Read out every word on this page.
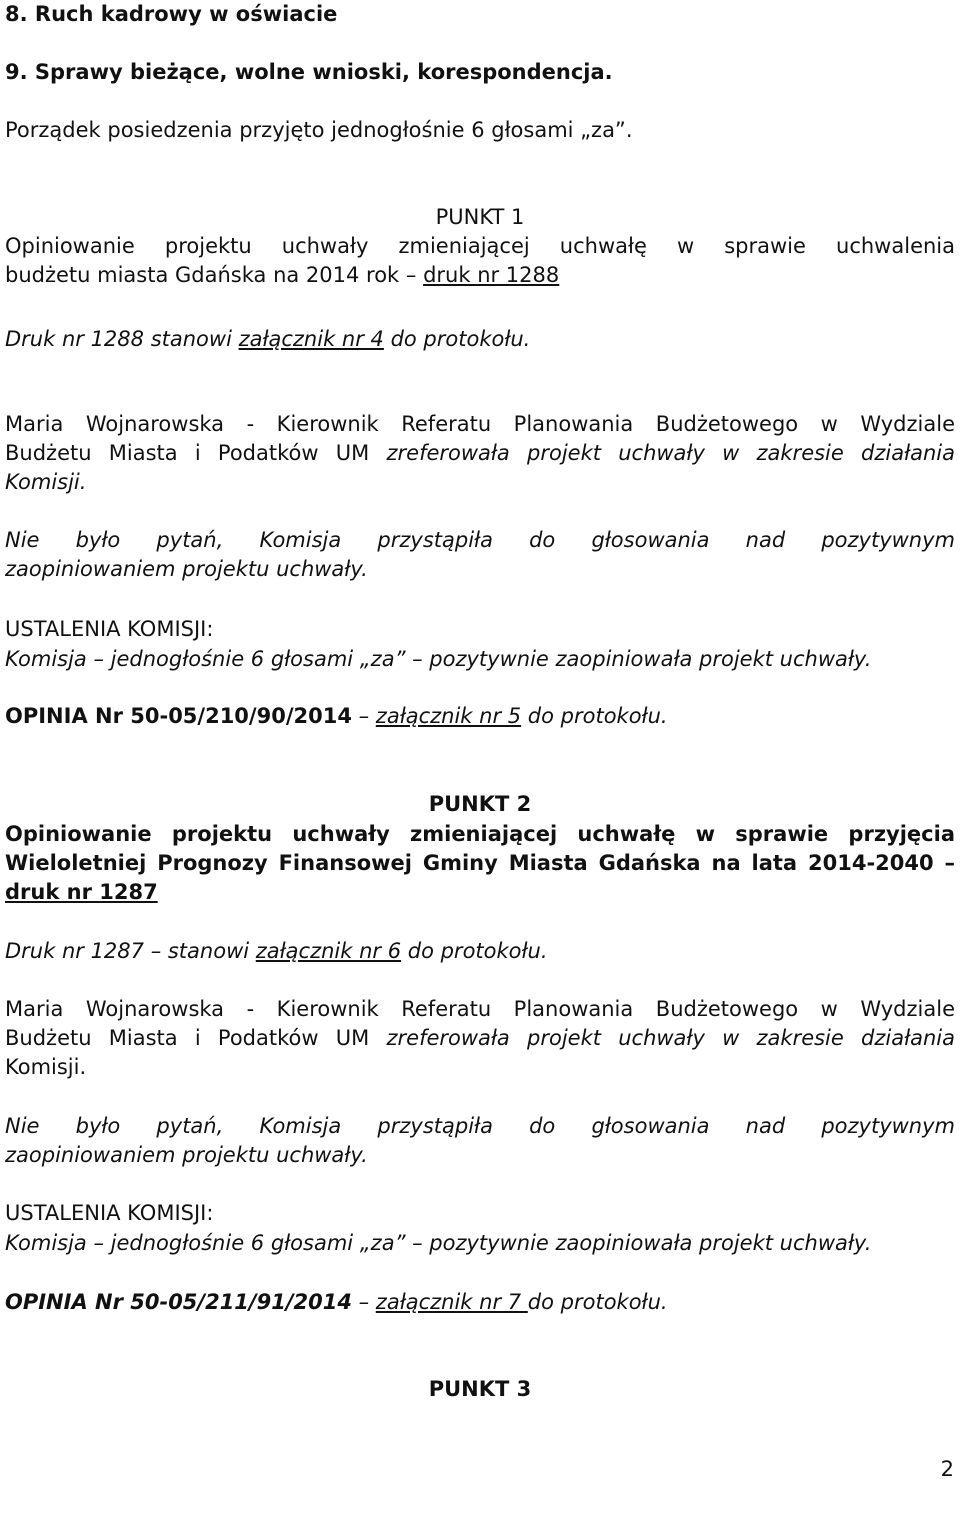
8. Ruch kadrowy w oświacie

9. Sprawy bieżące, wolne wnioski, korespondencja.

Porządek posiedzenia przyjęto jednogłośnie 6 głosami „za”.

PUNKT 1

Opiniowanie projektu uchwały zmieniającej uchwałę w sprawie uchwalenia
budżetu miasta Gdańska na 2014 rok – druk nr 1288

Druk nr 1288 stanowi załącznik nr 4 do protokołu.

Maria Wojnarowska - Kierownik Referatu Planowania Budżetowego w Wydziale
Budżetu Miasta i Podatków UM zreferowała projekt uchwały w zakresie działania
Komisji.
Nie było pytań, Komisja przystąpiła do głosowania nad pozytywnym
zaopiniowaniem projektu uchwały.

USTALENIA KOMISJI:

Komisja – jednogłośnie 6 głosami „za” – pozytywnie zaopiniowała projekt uchwały.

OPINIA Nr 50-05/210/90/2014 – załącznik nr 5 do protokołu.

PUNKT 2

Opiniowanie projektu uchwały zmieniającej uchwałę w sprawie przyjęcia
Wieloletniej Prognozy Finansowej Gminy Miasta Gdańska na lata 2014-2040 –
druk nr 1287

Druk nr 1287 – stanowi załącznik nr 6 do protokołu.

Maria Wojnarowska - Kierownik Referatu Planowania Budżetowego w Wydziale
Budżetu Miasta i Podatków UM zreferowała projekt uchwały w zakresie działania
Komisji.
Nie było pytań, Komisja przystąpiła do głosowania nad pozytywnym
zaopiniowaniem projektu uchwały.

USTALENIA KOMISJI:

Komisja – jednogłośnie 6 głosami „za” – pozytywnie zaopiniowała projekt uchwały.

OPINIA Nr 50-05/211/91/2014 – załącznik nr 7 do protokołu.

PUNKT 3

2
